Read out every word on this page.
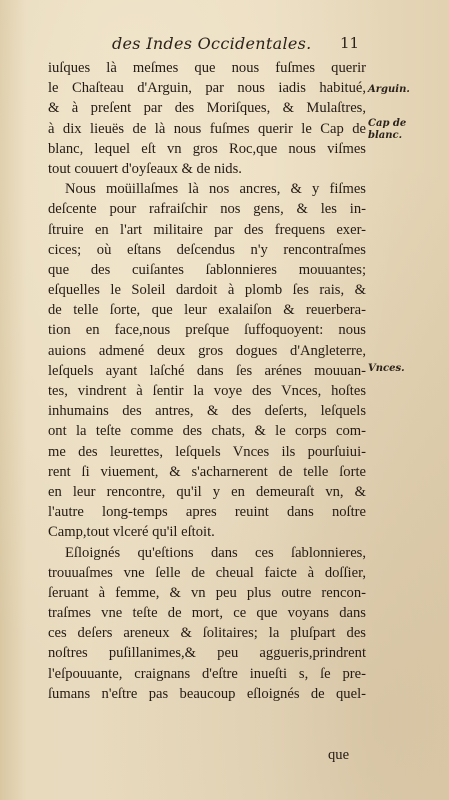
des Indes Occidentales. 11
Arguin.
Cap de
blanc.
Vnces.
iuſques là meſmes que nous fuſmes querir
le Chaſteau d'Arguin, par nous iadis habitué,
& à preſent par des Moriſques, & Mulaſtres,
à dix lieuës de là nous fuſmes querir le Cap de
blanc, lequel eſt vn gros Roc,que nous viſmes
tout couuert d'oyſeaux & de nids.
Nous moüillaſmes là nos ancres, & y fiſmes
deſcente pour rafraiſchir nos gens, & les in-
ſtruire en l'art militaire par des frequens exer-
cices; où eſtans deſcendus n'y rencontraſmes
que des cuiſantes ſablonnieres mouuantes;
eſquelles le Soleil dardoit à plomb ſes rais, &
de telle ſorte, que leur exalaiſon & reuerbera-
tion en face,nous preſque ſuffoquoyent: nous
auions admené deux gros dogues d'Angleterre,
leſquels ayant laſché dans ſes arénes mouuan-
tes, vindrent à ſentir la voye des Vnces, hoſtes
inhumains des antres, & des deſerts, leſquels
ont la teſte comme des chats, & le corps com-
me des leurettes, leſquels Vnces ils pourſuiui-
rent ſi viuement, & s'acharnerent de telle ſorte
en leur rencontre, qu'il y en demeuraſt vn, &
l'autre long-temps apres reuint dans noſtre
Camp,tout vlceré qu'il eſtoit.
Eſloignés qu'eſtions dans ces ſablonnieres,
trouuaſmes vne ſelle de cheual faicte à doſſier,
ſeruant à femme, & vn peu plus outre rencon-
traſmes vne teſte de mort, ce que voyans dans
ces deſers areneux & ſolitaires; la pluſpart des
noſtres puſillanimes,& peu aggueris,prindrent
l'eſpouuante, craignans d'eſtre inueſti s, ſe pre-
ſumans n'eſtre pas beaucoup eſloignés de quel-
que
